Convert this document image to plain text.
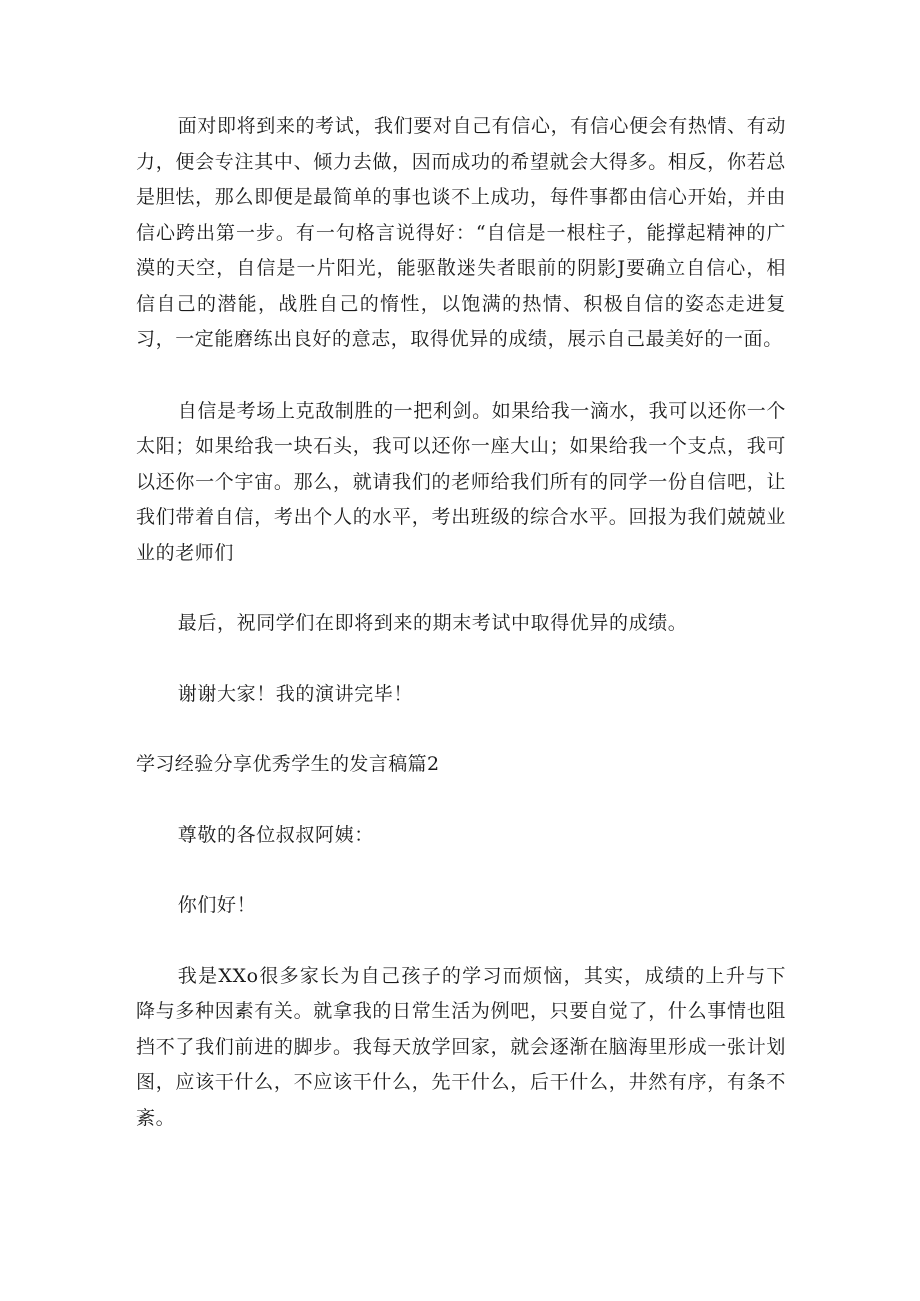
面对即将到来的考试，我们要对自己有信心，有信心便会有热情、有动力，便会专注其中、倾力去做，因而成功的希望就会大得多。相反，你若总是胆怯，那么即便是最简单的事也谈不上成功，每件事都由信心开始，并由信心跨出第一步。有一句格言说得好：“自信是一根柱子，能撑起精神的广漠的天空，自信是一片阳光，能驱散迷失者眼前的阴影J要确立自信心，相信自己的潜能，战胜自己的惰性，以饱满的热情、积极自信的姿态走进复习，一定能磨练出良好的意志，取得优异的成绩，展示自己最美好的一面。

自信是考场上克敌制胜的一把利剑。如果给我一滴水，我可以还你一个太阳；如果给我一块石头，我可以还你一座大山；如果给我一个支点，我可以还你一个宇宙。那么，就请我们的老师给我们所有的同学一份自信吧，让我们带着自信，考出个人的水平，考出班级的综合水平。回报为我们兢兢业业的老师们

最后，祝同学们在即将到来的期末考试中取得优异的成绩。

谢谢大家！我的演讲完毕！

学习经验分享优秀学生的发言稿篇2

尊敬的各位叔叔阿姨：

你们好！

我是XXo很多家长为自己孩子的学习而烦恼，其实，成绩的上升与下降与多种因素有关。就拿我的日常生活为例吧，只要自觉了，什么事情也阻挡不了我们前进的脚步。我每天放学回家，就会逐渐在脑海里形成一张计划图，应该干什么，不应该干什么，先干什么，后干什么，井然有序，有条不紊。
